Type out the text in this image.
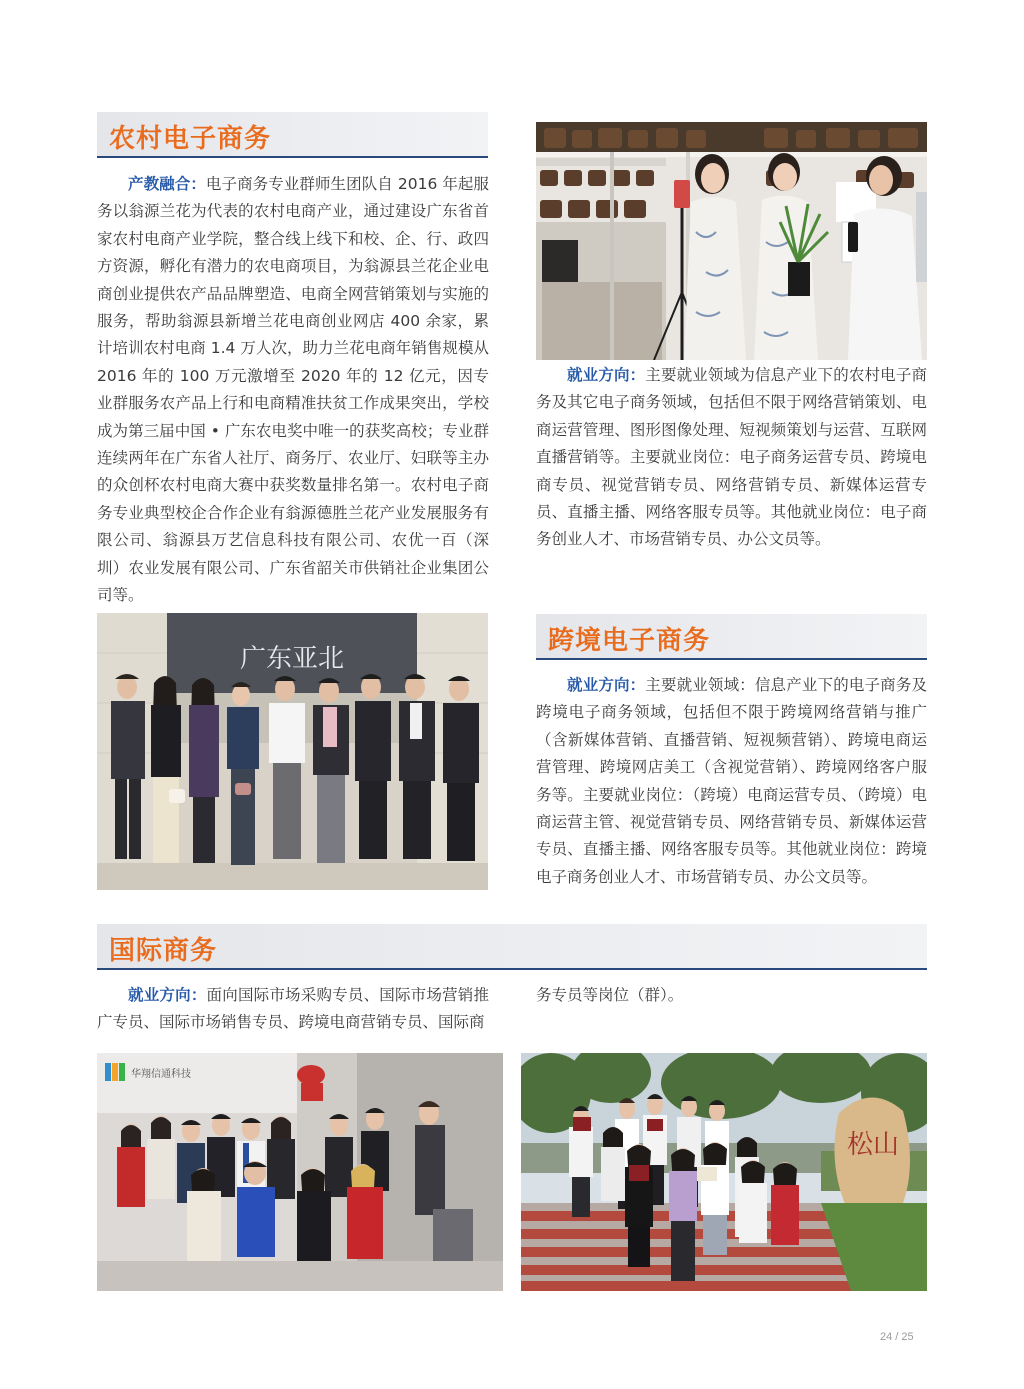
农村电子商务
产教融合：电子商务专业群师生团队自 2016 年起服务以翁源兰花为代表的农村电商产业，通过建设广东省首家农村电商产业学院，整合线上线下和校、企、行、政四方资源，孵化有潜力的农电商项目，为翁源县兰花企业电商创业提供农产品品牌塑造、电商全网营销策划与实施的服务，帮助翁源县新增兰花电商创业网店 400 余家，累计培训农村电商 1.4 万人次，助力兰花电商年销售规模从 2016 年的 100 万元激增至 2020 年的 12 亿元，因专业群服务农产品上行和电商精准扶贫工作成果突出，学校成为第三届中国 • 广东农电奖中唯一的获奖高校；专业群连续两年在广东省人社厅、商务厅、农业厅、妇联等主办的众创杯农村电商大赛中获奖数量排名第一。农村电子商务专业典型校企合作企业有翁源德胜兰花产业发展服务有限公司、翁源县万艺信息科技有限公司、农优一百（深圳）农业发展有限公司、广东省韶关市供销社企业集团公司等。
就业方向：主要就业领域为信息产业下的农村电子商务及其它电子商务领域，包括但不限于网络营销策划、电商运营管理、图形图像处理、短视频策划与运营、互联网直播营销等。主要就业岗位：电子商务运营专员、跨境电商专员、视觉营销专员、网络营销专员、新媒体运营专员、直播主播、网络客服专员等。其他就业岗位：电子商务创业人才、市场营销专员、办公文员等。
广东亚北
跨境电子商务
就业方向：主要就业领域：信息产业下的电子商务及跨境电子商务领域，包括但不限于跨境网络营销与推广（含新媒体营销、直播营销、短视频营销）、跨境电商运营管理、跨境网店美工（含视觉营销）、跨境网络客户服务等。主要就业岗位：（跨境）电商运营专员、（跨境）电商运营主管、视觉营销专员、网络营销专员、新媒体运营专员、直播主播、网络客服专员等。其他就业岗位：跨境电子商务创业人才、市场营销专员、办公文员等。
国际商务
就业方向：面向国际市场采购专员、国际市场营销推广专员、国际市场销售专员、跨境电商营销专员、国际商
务专员等岗位（群）。
华翔信通科技
松山
24 / 25
